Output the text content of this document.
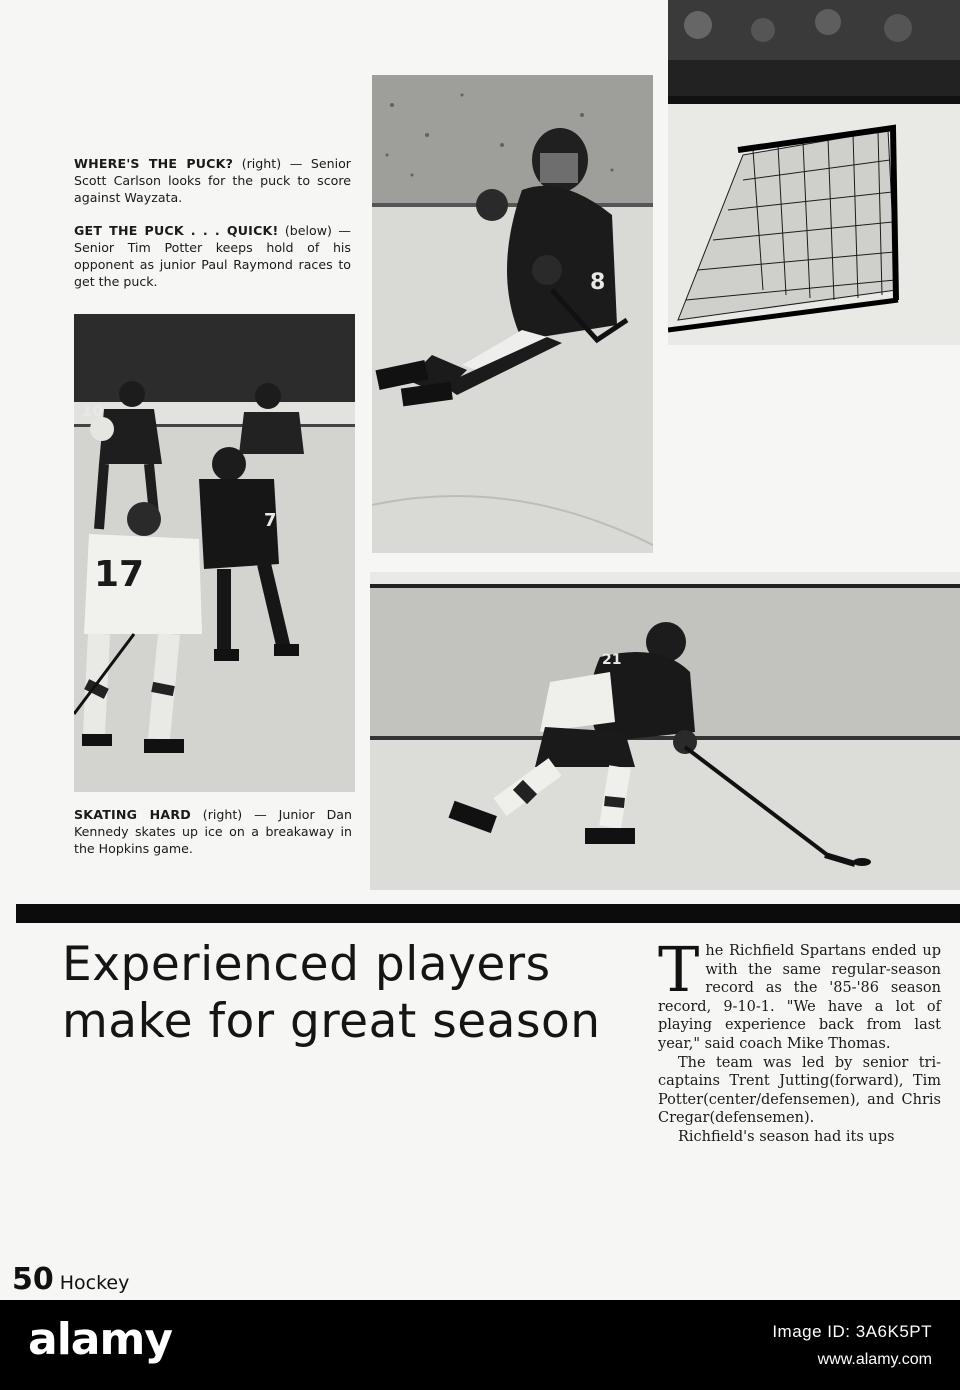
8
10
7
17
21
WHERE'S THE PUCK? (right) — Senior Scott Carlson looks for the puck to score against Wayzata.
GET THE PUCK . . . QUICK! (below) — Senior Tim Potter keeps hold of his opponent as junior Paul Raymond races to get the puck.
SKATING HARD (right) — Junior Dan Kennedy skates up ice on a breakaway in the Hopkins game.
Experienced players
make for great season

The Richfield Spartans ended up with the same regular-season record as the '85-'86 season record, 9-10-1. "We have a lot of playing experience back from last year," said coach Mike Thomas.

The team was led by senior tri-captains Trent Jutting(forward), Tim Potter(center/defensemen), and Chris Cregar(defensemen).

Richfield's season had its ups

50 Hockey
alamy	Image ID: 3A6K5PT
www.alamy.com
